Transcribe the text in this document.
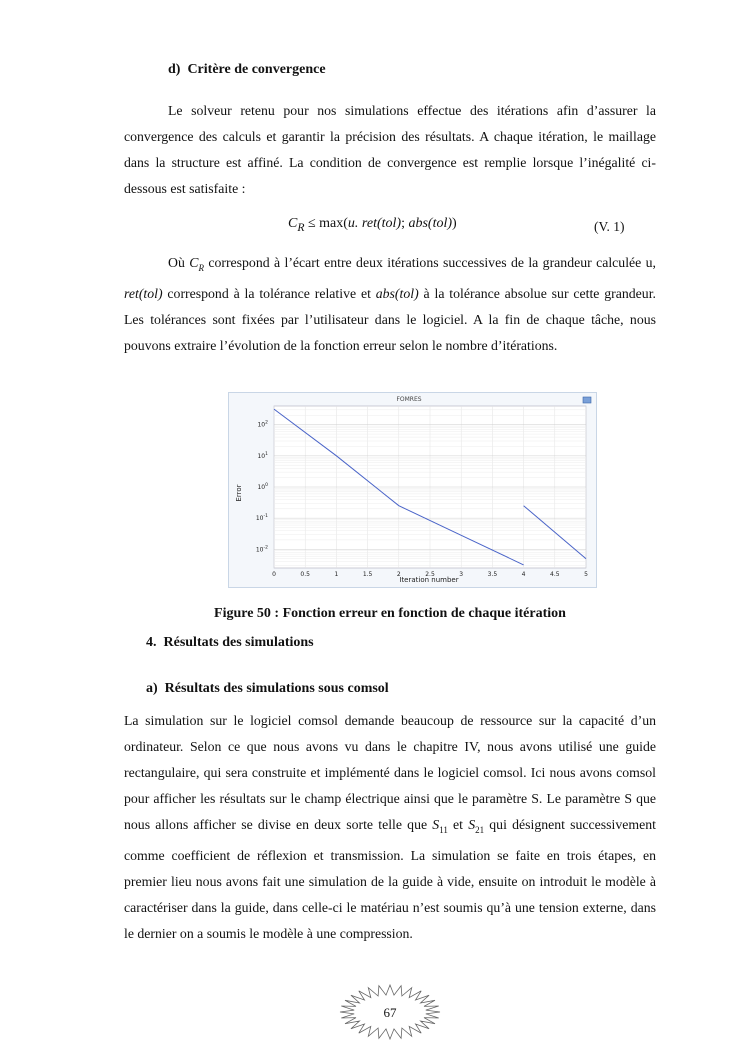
d)  Critère de convergence
Le solveur retenu pour nos simulations effectue des itérations afin d’assurer la convergence des calculs et garantir la précision des résultats. A chaque itération, le maillage dans la structure est affiné. La condition de convergence est remplie lorsque l’inégalité ci-dessous est satisfaite :
$C_R \le \max(u$. ret(tol); abs(tol))	(V. 1)
Où $C_R$ correspond à l’écart entre deux itérations successives de la grandeur calculée u, ret(tol) correspond à la tolérance relative et abs(tol) à la tolérance absolue sur cette grandeur. Les tolérances sont fixées par l’utilisateur dans le logiciel. A la fin de chaque tâche, nous pouvons extraire l’évolution de la fonction erreur selon le nombre d’itérations.
FOMRES
0	0.5	1	1.5	2	2.5	3	3.5	4	4.5	5
$10^2$
$10^1$
$10^0$
$10^{-1}$
$10^{-2}$
Iteration number
Error
Figure 50 : Fonction erreur en fonction de chaque itération
4.  Résultats des simulations
a)  Résultats des simulations sous comsol
La simulation sur le logiciel comsol demande beaucoup de ressource sur la capacité d’un ordinateur. Selon ce que nous avons vu dans le chapitre IV, nous avons utilisé une guide rectangulaire, qui sera construite et implémenté dans le logiciel comsol. Ici nous avons comsol pour afficher les résultats sur le champ électrique ainsi que le paramètre S. Le paramètre S que nous allons afficher se divise en deux sorte telle que $S_{11}$ et $S_{21}$ qui désignent successivement comme coefficient de réflexion et transmission. La simulation se faite en trois étapes, en premier lieu nous avons fait une simulation de la guide à vide, ensuite on introduit le modèle à caractériser dans la guide, dans celle-ci le matériau n’est soumis qu’à une tension externe, dans le dernier on a soumis le modèle à une compression.
67
